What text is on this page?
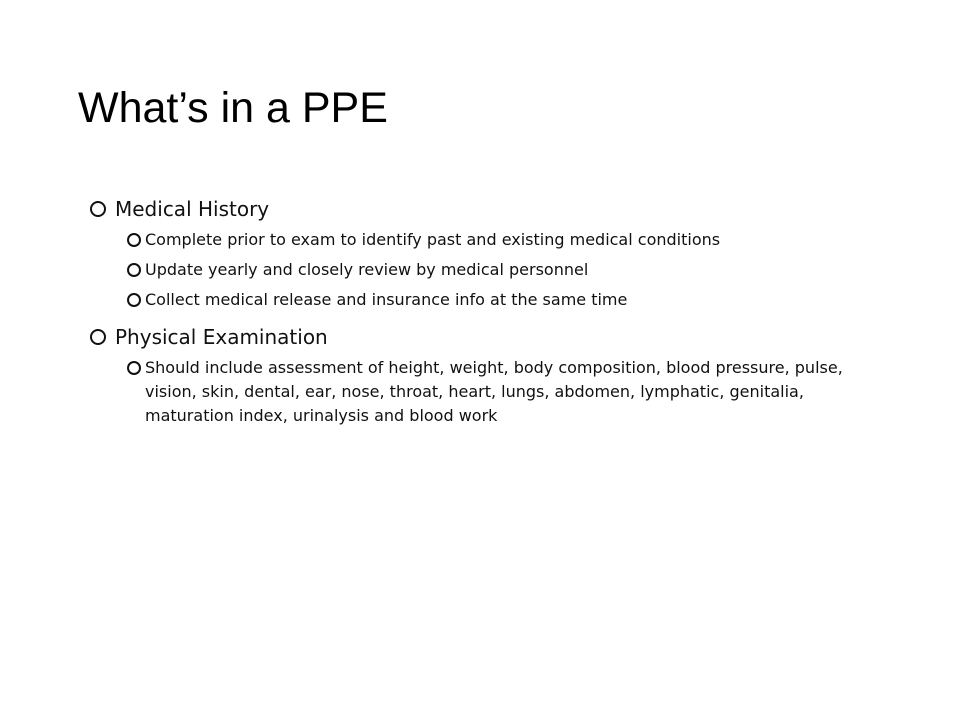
What’s in a PPE
Medical History
Complete prior to exam to identify past and existing medical conditions
Update yearly and closely review by medical personnel
Collect medical release and insurance info at the same time
Physical Examination
Should include assessment of height, weight, body composition, blood pressure, pulse, vision, skin, dental, ear, nose, throat, heart, lungs, abdomen, lymphatic, genitalia, maturation index, urinalysis and blood work
